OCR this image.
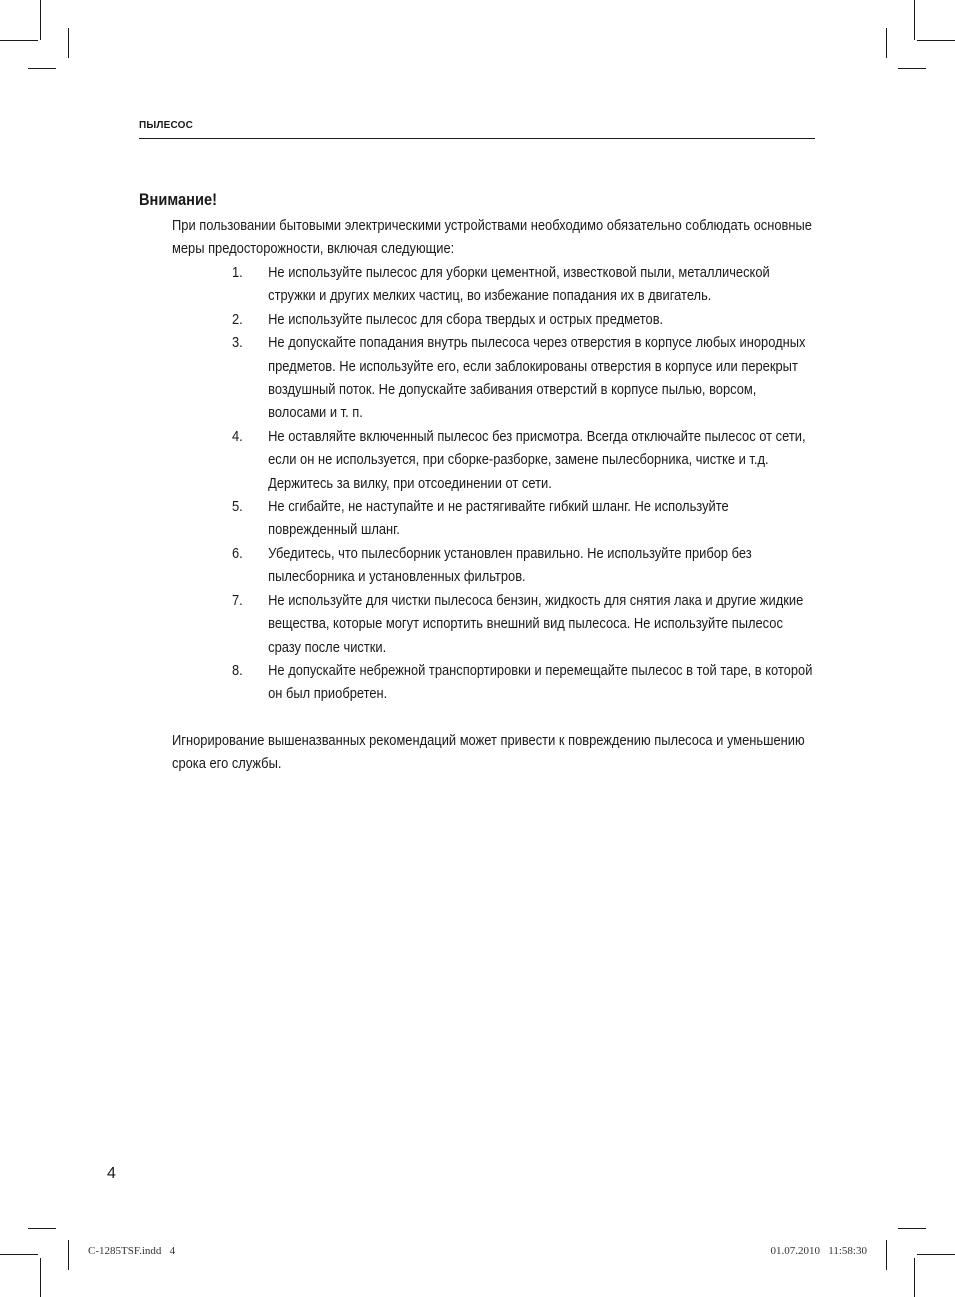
ПЫЛЕСОС
Внимание!

При пользовании бытовыми электрическими устройствами необходимо обязательно соблюдать основные меры предосторожности, включая следующие:

1. Не используйте пылесос для уборки цементной, известковой пыли, металлической стружки и других мелких частиц, во избежание попадания их в двигатель.
2. Не используйте пылесос для сбора твердых и острых предметов.
3. Не допускайте попадания внутрь пылесоса через отверстия в корпусе любых инородных предметов. Не используйте его, если заблокированы отверстия в корпусе или перекрыт воздушный поток. Не допускайте забивания отверстий в корпусе пылью, ворсом, волосами и т. п.
4. Не оставляйте включенный пылесос без присмотра. Всегда отключайте пылесос от сети, если он не используется, при сборке-разборке, замене пылесборника, чистке и т.д. Держитесь за вилку, при отсоединении от сети.
5. Не сгибайте, не наступайте и не растягивайте гибкий шланг. Не используйте поврежденный шланг.
6. Убедитесь, что пылесборник установлен правильно. Не используйте прибор без пылесборника и установленных фильтров.
7. Не используйте для чистки пылесоса бензин, жидкость для снятия лака и другие жидкие вещества, которые могут испортить внешний вид пылесоса. Не используйте пылесос сразу после чистки.
8. Не допускайте небрежной транспортировки и перемещайте пылесос в той таре, в которой он был приобретен.

Игнорирование вышеназванных рекомендаций может привести к повреждению пылесоса и уменьшению срока его службы.

4
C-1285TSF.indd   4	01.07.2010   11:58:30
